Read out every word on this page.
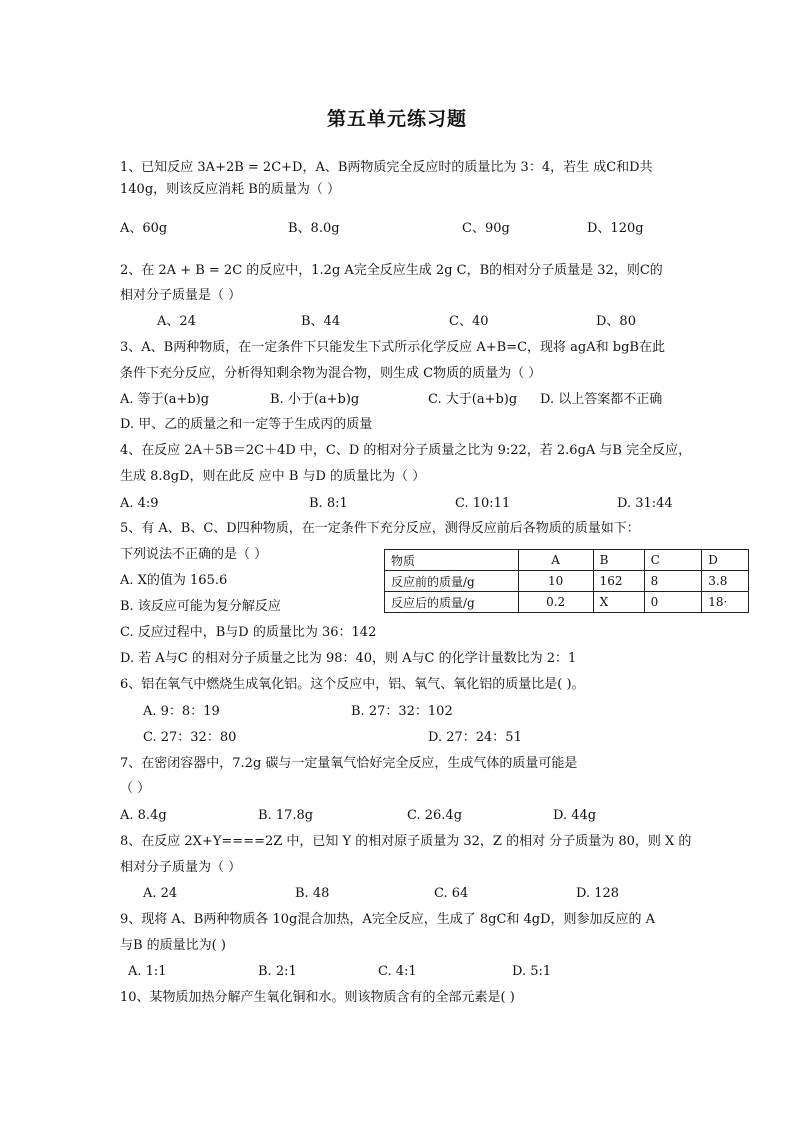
第五单元练习题
1、已知反应 3A+2B = 2C+D，A、B两物质完全反应时的质量比为 3：4，若生 成C和D共
140g，则该反应消耗 B的质量为（ ）
A、60g	B、8.0g	C、90g	D、120g
2、在 2A + B = 2C 的反应中，1.2g A完全反应生成 2g C，B的相对分子质量是 32，则C的
相对分子质量是（ ）
A、24	B、44	C、40	D、80
3、A、B两种物质，在一定条件下只能发生下式所示化学反应 A+B=C，现将 agA和 bgB在此
条件下充分反应，分析得知剩余物为混合物，则生成 C物质的质量为（ ）
A. 等于(a+b)g	B. 小于(a+b)g	C. 大于(a+b)g D. 以上答案都不正确
D. 甲、乙的质量之和一定等于生成丙的质量
4、在反应 2A＋5B＝2C＋4D 中，C、D 的相对分子质量之比为 9:22，若 2.6gA 与B 完全反应，
生成 8.8gD，则在此反 应中 B 与D 的质量比为（ ）
A. 4:9	B. 8:1	C. 10:11	D. 31:44
5、有 A、B、C、D四种物质，在一定条件下充分反应，测得反应前后各物质的质量如下：
下列说法不正确的是（ ）
A. X的值为 165.6
B. 该反应可能为复分解反应
C. 反应过程中，B与D 的质量比为 36：142
D. 若 A与C 的相对分子质量之比为 98：40，则 A与C 的化学计量数比为 2：1
物质	A	B	C	D
反应前的质量/g	10	162	8	3.8
反应后的质量/g	0.2	X	0	18·
6、铝在氧气中燃烧生成氧化铝。这个反应中，铝、氧气、氧化铝的质量比是( )。
A. 9：8：19	B. 27：32：102
C. 27：32：80	D. 27：24：51
7、在密闭容器中，7.2g 碳与一定量氧气恰好完全反应，生成气体的质量可能是
（ ）
A. 8.4g	B. 17.8g	C. 26.4g	D. 44g
8、在反应 2X+Y====2Z 中，已知 Y 的相对原子质量为 32，Z 的相对 分子质量为 80，则 X 的
相对分子质量为（ ）
A. 24	B. 48	C. 64	D. 128
9、现将 A、B两种物质各 10g混合加热，A完全反应，生成了 8gC和 4gD，则参加反应的 A
与B 的质量比为( )
A. 1:1	B. 2:1	C. 4:1	D. 5:1
10、某物质加热分解产生氧化铜和水。则该物质含有的全部元素是( )
